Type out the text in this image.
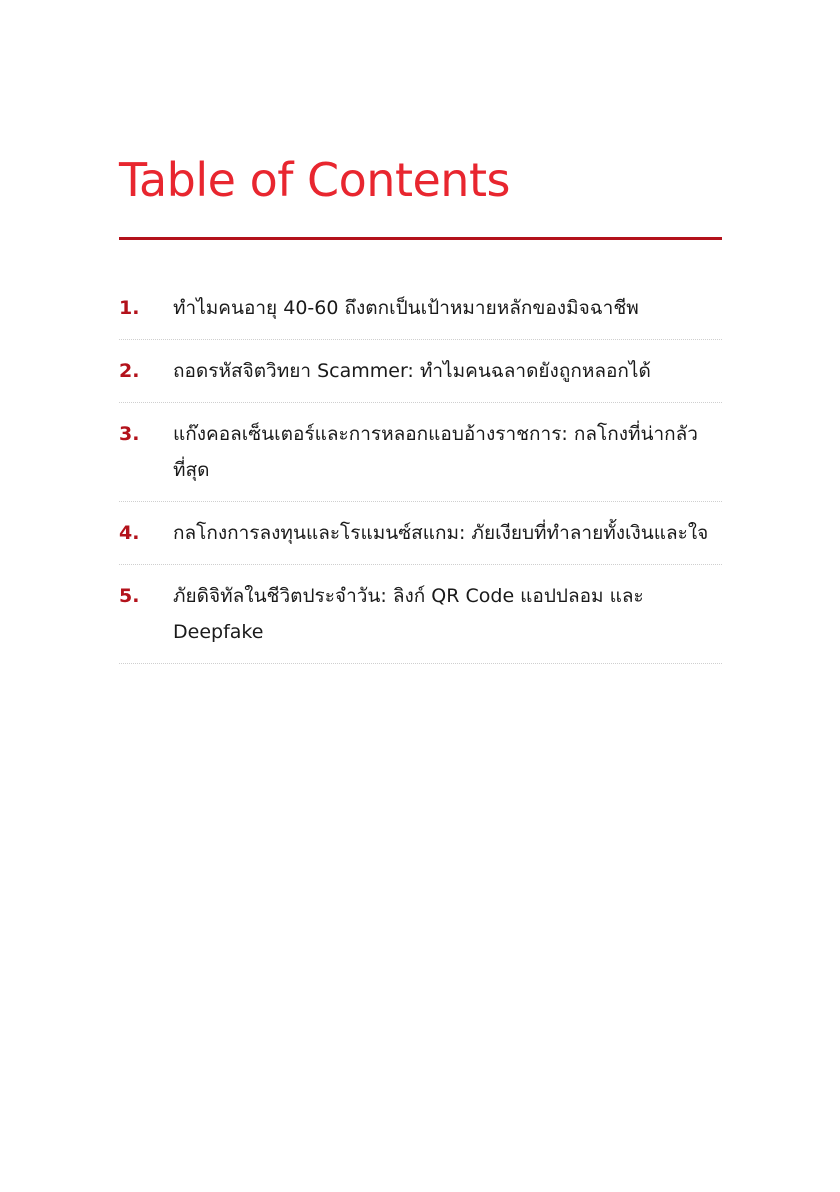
Table of Contents
1.	ทำไมคนอายุ 40-60 ถึงตกเป็นเป้าหมายหลักของมิจฉาชีพ
2.	ถอดรหัสจิตวิทยา Scammer: ทำไมคนฉลาดยังถูกหลอกได้
3.	แก๊งคอลเซ็นเตอร์และการหลอกแอบอ้างราชการ: กลโกงที่น่ากลัวที่สุด
4.	กลโกงการลงทุนและโรแมนซ์สแกม: ภัยเงียบที่ทำลายทั้งเงินและใจ
5.	ภัยดิจิทัลในชีวิตประจำวัน: ลิงก์ QR Code แอปปลอม และ Deepfake
